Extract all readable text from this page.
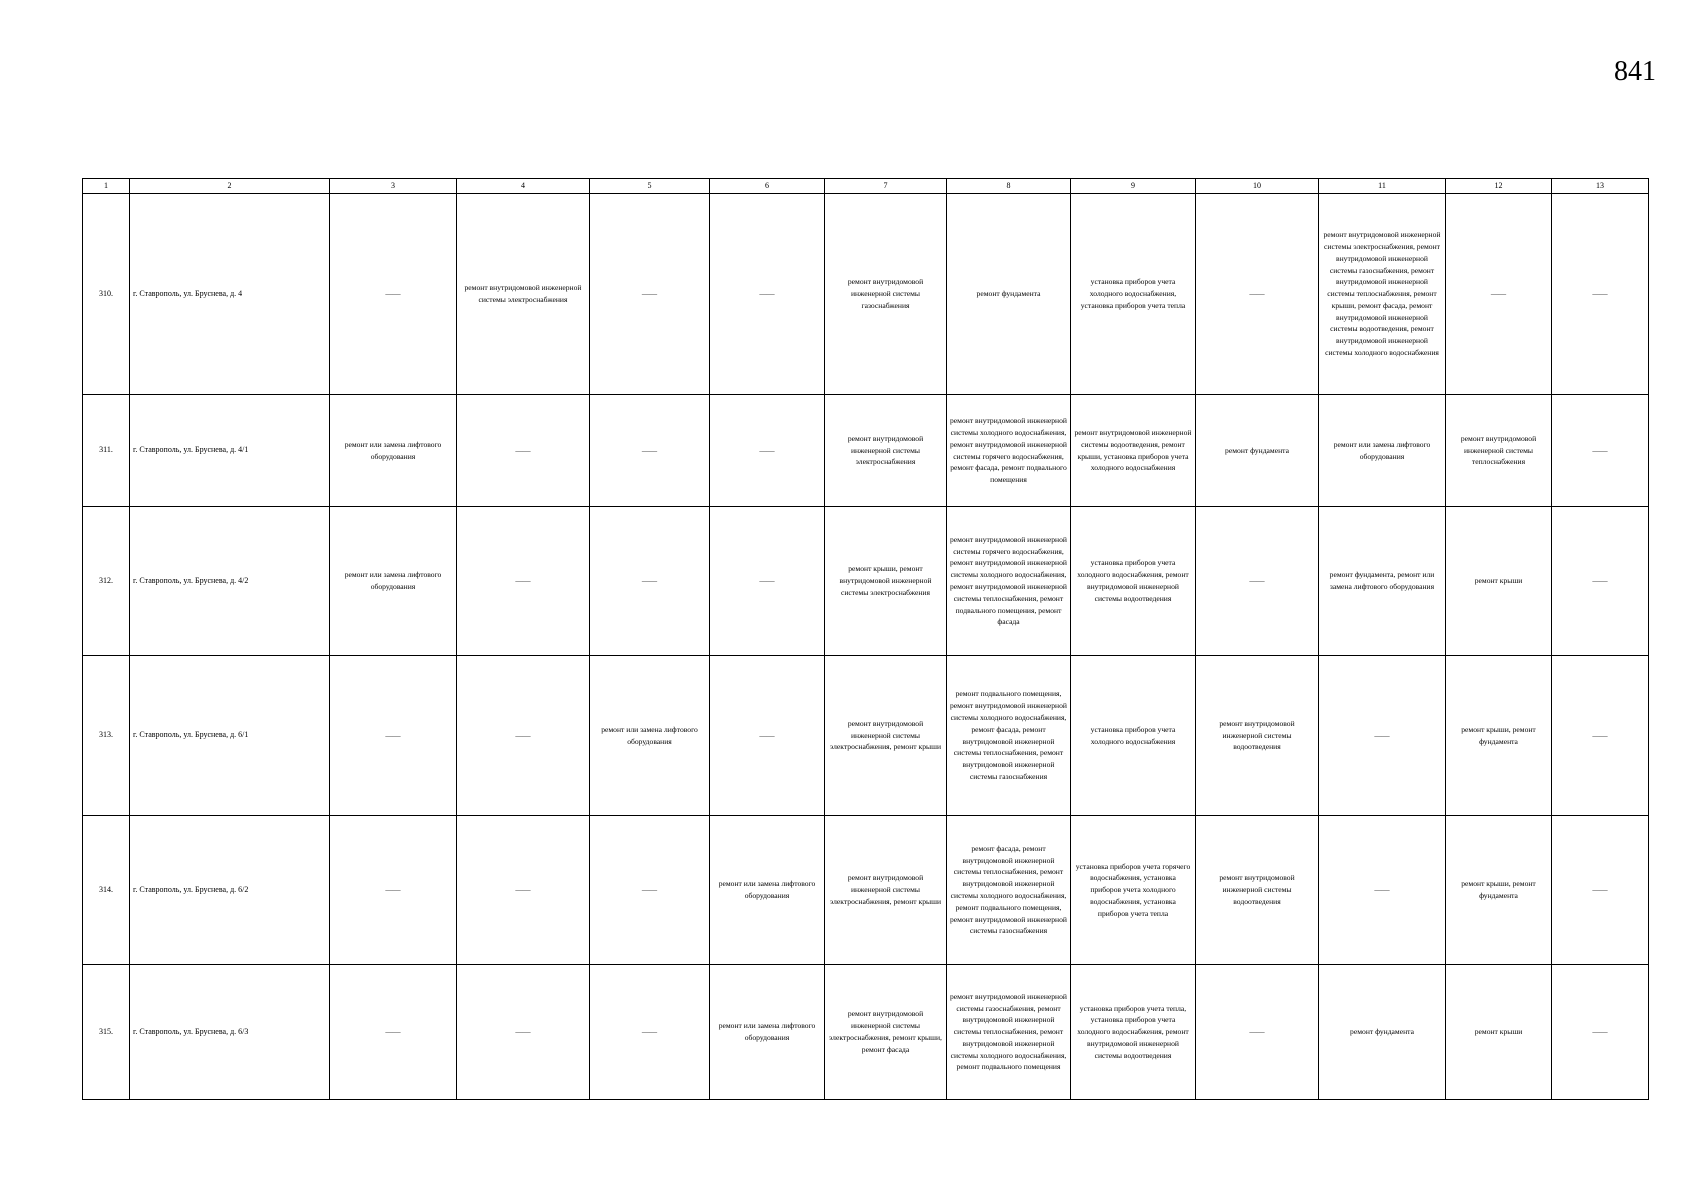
841
1	2	3	4	5	6	7	8	9	10	11	12	13
310.	г. Ставрополь, ул. Бруснева, д. 4	——	ремонт внутридомовой инженерной системы электроснабжения	——	——	ремонт внутридомовой инженерной системы газоснабжения	ремонт фундамента	установка приборов учета холодного водоснабжения, установка приборов учета тепла	——	ремонт внутридомовой инженерной системы электроснабжения, ремонт внутридомовой инженерной системы газоснабжения, ремонт внутридомовой инженерной системы теплоснабжения, ремонт крыши, ремонт фасада, ремонт внутридомовой инженерной системы водоотведения, ремонт внутридомовой инженерной системы холодного водоснабжения	——	——
311.	г. Ставрополь, ул. Бруснева, д. 4/1	ремонт или замена лифтового оборудования	——	——	——	ремонт внутридомовой инженерной системы электроснабжения	ремонт внутридомовой инженерной системы холодного водоснабжения, ремонт внутридомовой инженерной системы горячего водоснабжения, ремонт фасада, ремонт подвального помещения	ремонт внутридомовой инженерной системы водоотведения, ремонт крыши, установка приборов учета холодного водоснабжения	ремонт фундамента	ремонт или замена лифтового оборудования	ремонт внутридомовой инженерной системы теплоснабжения	——
312.	г. Ставрополь, ул. Бруснева, д. 4/2	ремонт или замена лифтового оборудования	——	——	——	ремонт крыши, ремонт внутридомовой инженерной системы электроснабжения	ремонт внутридомовой инженерной системы горячего водоснабжения, ремонт внутридомовой инженерной системы холодного водоснабжения, ремонт внутридомовой инженерной системы теплоснабжения, ремонт подвального помещения, ремонт фасада	установка приборов учета холодного водоснабжения, ремонт внутридомовой инженерной системы водоотведения	——	ремонт фундамента, ремонт или замена лифтового оборудования	ремонт крыши	——
313.	г. Ставрополь, ул. Бруснева, д. 6/1	——	——	ремонт или замена лифтового оборудования	——	ремонт внутридомовой инженерной системы электроснабжения, ремонт крыши	ремонт подвального помещения, ремонт внутридомовой инженерной системы холодного водоснабжения, ремонт фасада, ремонт внутридомовой инженерной системы теплоснабжения, ремонт внутридомовой инженерной системы газоснабжения	установка приборов учета холодного водоснабжения	ремонт внутридомовой инженерной системы водоотведения	——	ремонт крыши, ремонт фундамента	——
314.	г. Ставрополь, ул. Бруснева, д. 6/2	——	——	——	ремонт или замена лифтового оборудования	ремонт внутридомовой инженерной системы электроснабжения, ремонт крыши	ремонт фасада, ремонт внутридомовой инженерной системы теплоснабжения, ремонт внутридомовой инженерной системы холодного водоснабжения, ремонт подвального помещения, ремонт внутридомовой инженерной системы газоснабжения	установка приборов учета горячего водоснабжения, установка приборов учета холодного водоснабжения, установка приборов учета тепла	ремонт внутридомовой инженерной системы водоотведения	——	ремонт крыши, ремонт фундамента	——
315.	г. Ставрополь, ул. Бруснева, д. 6/3	——	——	——	ремонт или замена лифтового оборудования	ремонт внутридомовой инженерной системы электроснабжения, ремонт крыши, ремонт фасада	ремонт внутридомовой инженерной системы газоснабжения, ремонт внутридомовой инженерной системы теплоснабжения, ремонт внутридомовой инженерной системы холодного водоснабжения, ремонт подвального помещения	установка приборов учета тепла, установка приборов учета холодного водоснабжения, ремонт внутридомовой инженерной системы водоотведения	——	ремонт фундамента	ремонт крыши	——
